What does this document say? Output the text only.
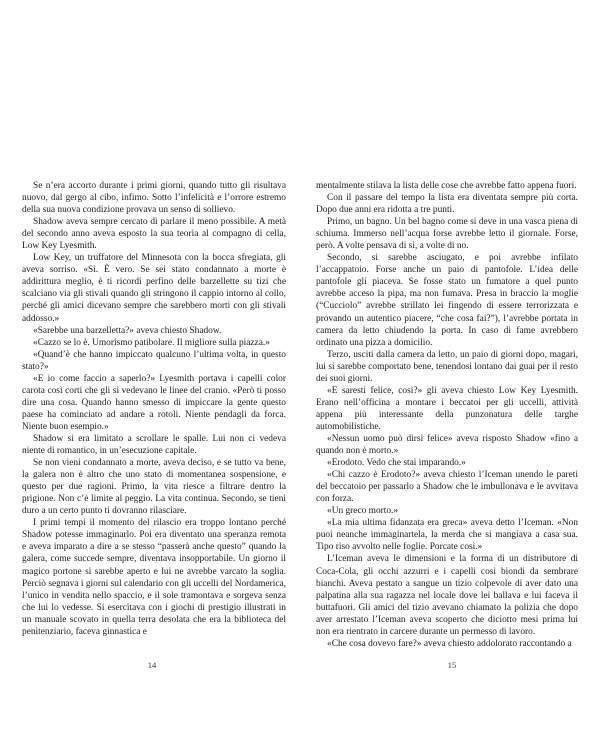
Se n’era accorto durante i primi giorni, quando tutto gli risultava nuovo, dal gergo al cibo, infimo. Sotto l’infelicità e l’orrore estremo della sua nuova condizione provava un senso di sollievo.

Shadow aveva sempre cercato di parlare il meno possibile. A metà del secondo anno aveva esposto la sua teoria al compagno di cella, Low Key Lyesmith.

Low Key, un truffatore del Minnesota con la bocca sfregiata, gli aveva sorriso. «Sì. È vero. Se sei stato condannato a morte è addirittura meglio, è ti ricordi perfino delle barzellette su tizi che scalciano via gli stivali quando gli stringono il cappio intorno al collo, perché gli amici dicevano sempre che sarebbero morti con gli stivali addosso.»

«Sarebbe una barzelletta?» aveva chiesto Shadow.

«Cazzo se lo è. Umorismo patibolare. Il migliore sulla piazza.»

«Quand’è che hanno impiccato qualcuno l’ultima volta, in questo stato?»

«E io come faccio a saperlo?» Lyesmith portava i capelli color carota così corti che gli si vedevano le linee del cranio. «Però ti posso dire una cosa. Quando hanno smesso di impiccare la gente questo paese ha cominciato ad andare a rotoli. Niente pendagli da forca. Niente buon esempio.»

Shadow si era limitato a scrollare le spalle. Lui non ci vedeva niente di romantico, in un’esecuzione capitale.

Se non vieni condannato a morte, aveva deciso, e se tutto va bene, la galera non è altro che uno stato di momentanea sospensione, e questo per due ragioni. Primo, la vita riesce a filtrare dentro la prigione. Non c’è limite al peggio. La vita continua. Secondo, se tieni duro a un certo punto ti dovranno rilasciare.

I primi tempi il momento del rilascio era troppo lontano perché Shadow potesse immaginarlo. Poi era diventato una speranza remota e aveva imparato a dire a se stesso “passerà anche questo” quando la galera, come succede sempre, diventava insopportabile. Un giorno il magico portone si sarebbe aperto e lui ne avrebbe varcato la soglia. Perciò segnava i giorni sul calendario con gli uccelli del Nordamerica, l’unico in vendita nello spaccio, e il sole tramontava e sorgeva senza che lui lo vedesse. Si esercitava con i giochi di prestigio illustrati in un manuale scovato in quella terra desolata che era la biblioteca del penitenziario, faceva ginnastica e

14

mentalmente stilava la lista delle cose che avrebbe fatto appena fuori.

Con il passare del tempo la lista era diventata sempre più corta. Dopo due anni era ridotta a tre punti.

Primo, un bagno. Un bel bagno come si deve in una vasca piena di schiuma. Immerso nell’acqua forse avrebbe letto il giornale. Forse, però. A volte pensava di sì, a volte di no.

Secondo, si sarebbe asciugato, e poi avrebbe infilato l’accappatoio. Forse anche un paio di pantofole. L’idea delle pantofole gli piaceva. Se fosse stato un fumatore a quel punto avrebbe acceso la pipa, ma non fumava. Presa in braccio la moglie (“Cucciolo” avrebbe strillato lei fingendo di essere terrorizzata e provando un autentico piacere, “che cosa fai?”), l’avrebbe portata in camera da letto chiudendo la porta. In caso di fame avrebbero ordinato una pizza a domicilio.

Terzo, usciti dalla camera da letto, un paio di giorni dopo, magari, lui si sarebbe comportato bene, tenendosi lontano dai guai per il resto dei suoi giorni.

«E saresti felice, così?» gli aveva chiesto Low Key Lyesmith. Erano nell’officina a montare i beccatoi per gli uccelli, attività appena più interessante della punzonatura delle targhe automobilistiche.

«Nessun uomo può dirsi felice» aveva risposto Shadow «fino a quando non è morto.»

«Erodoto. Vedo che stai imparando.»

«Chi cazzo è Erodoto?» aveva chiesto l’Iceman unendo le pareti del beccatoio per passarlo a Shadow che le imbullonava e le avvitava con forza.

«Un greco morto.»

«La mia ultima fidanzata era greca» aveva detto l’Iceman. «Non puoi neanche immaginartela, la merda che si mangiava a casa sua. Tipo riso avvolto nelle foglie. Porcate così.»

L’Iceman aveva le dimensioni e la forma di un distributore di Coca-Cola, gli occhi azzurri e i capelli così biondi da sembrare bianchi. Aveva pestato a sangue un tizio colpevole di aver dato una palpatina alla sua ragazza nel locale dove lei ballava e lui faceva il buttafuori. Gli amici del tizio avevano chiamato la polizia che dopo aver arrestato l’Iceman aveva scoperto che diciotto mesi prima lui non era rientrato in carcere durante un permesso di lavoro.

«Che cosa dovevo fare?» aveva chiesto addolorato raccontando a

15
